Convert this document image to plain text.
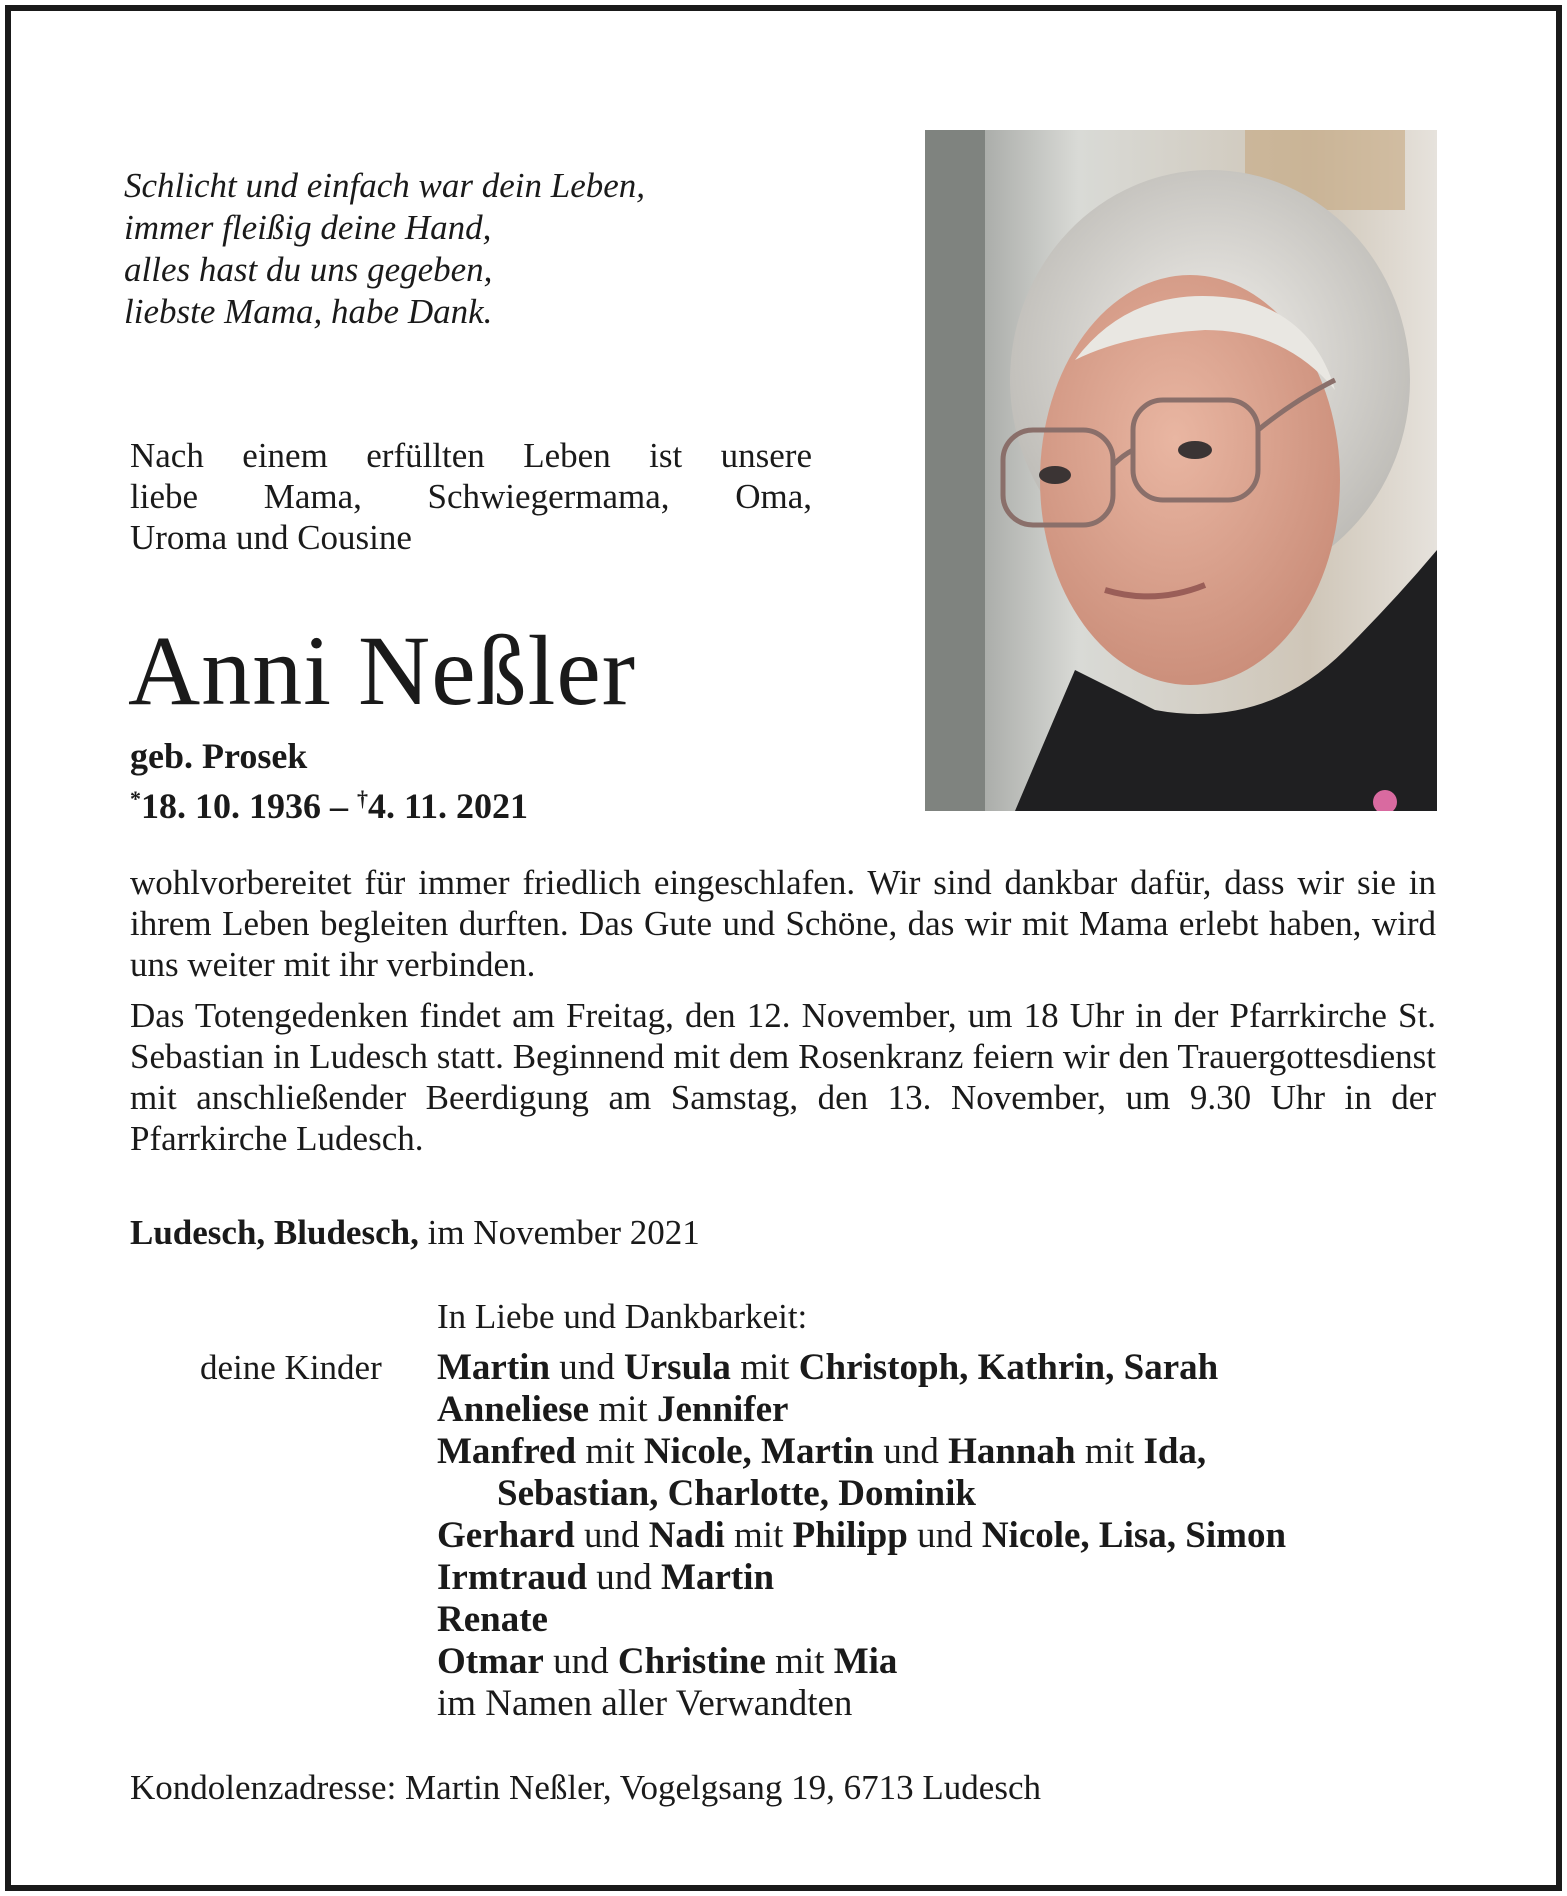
Schlicht und einfach war dein Leben,
immer fleißig deine Hand,
alles hast du uns gegeben,
liebste Mama, habe Dank.
Nach einem erfüllten Leben ist unsere
liebe Mama, Schwiegermama, Oma,
Uroma und Cousine
Anni Neßler
geb. Prosek
*18. 10. 1936 – †4. 11. 2021

wohlvorbereitet für immer friedlich eingeschlafen. Wir sind dankbar dafür, dass wir sie in ihrem Leben begleiten durften. Das Gute und Schöne, das wir mit Mama erlebt haben, wird uns weiter mit ihr verbinden.

Das Totengedenken findet am Freitag, den 12. November, um 18 Uhr in der Pfarrkirche St. Sebastian in Ludesch statt. Beginnend mit dem Rosenkranz feiern wir den Trauergottesdienst mit anschließender Beerdigung am Samstag, den 13. November, um 9.30 Uhr in der Pfarrkirche Ludesch.

Ludesch, Bludesch, im November 2021
In Liebe und Dankbarkeit:
deine Kinder Martin und Ursula mit Christoph, Kathrin, Sarah
Anneliese mit Jennifer
Manfred mit Nicole, Martin und Hannah mit Ida,
Sebastian, Charlotte, Dominik
Gerhard und Nadi mit Philipp und Nicole, Lisa, Simon
Irmtraud und Martin
Renate
Otmar und Christine mit Mia
im Namen aller Verwandten
Kondolenzadresse: Martin Neßler, Vogelgsang 19, 6713 Ludesch
